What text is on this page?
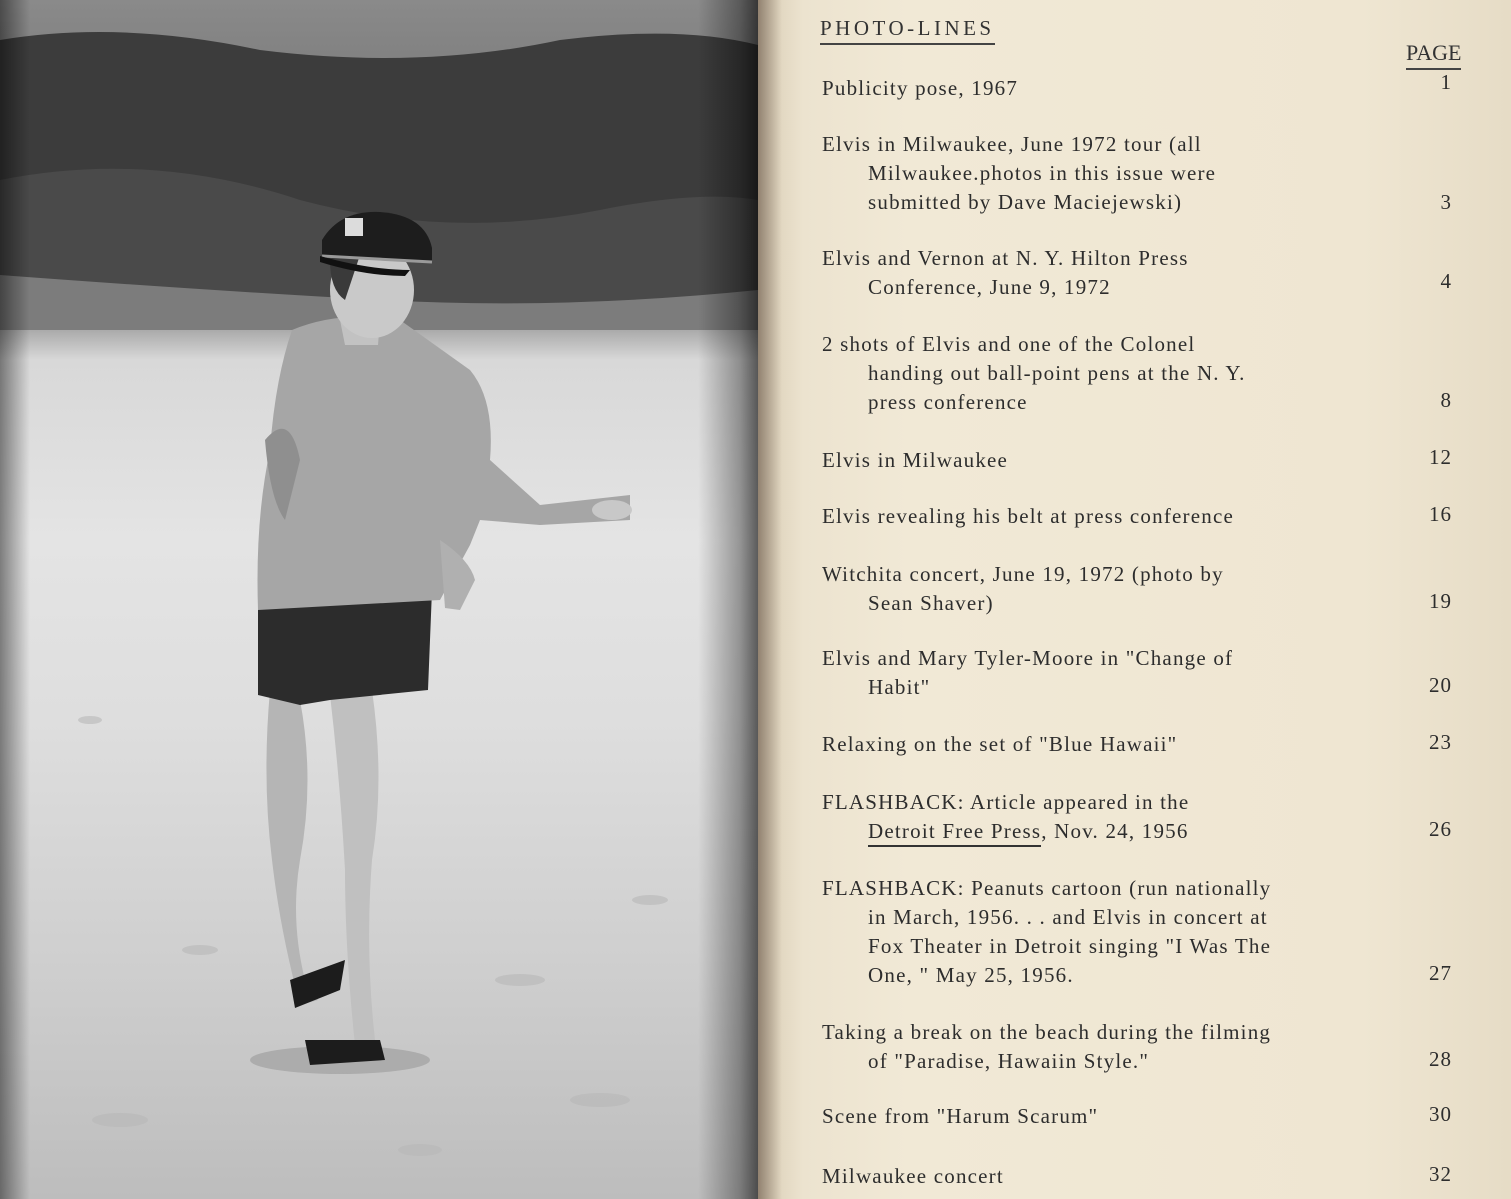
PHOTO-LINES
PAGE
Publicity pose, 1967	1
Elvis in Milwaukee, June 1972 tour (all
Milwaukee.photos in this issue were
submitted by Dave Maciejewski)	3
Elvis and Vernon at N. Y. Hilton Press
Conference, June 9, 1972	4
2 shots of Elvis and one of the Colonel
handing out ball-point pens at the N. Y.
press conference	8
Elvis in Milwaukee	12
Elvis revealing his belt at press conference	16
Witchita concert, June 19, 1972 (photo by
Sean Shaver)	19
Elvis and Mary Tyler-Moore in "Change of
Habit"	20
Relaxing on the set of "Blue Hawaii"	23
FLASHBACK: Article appeared in the
Detroit Free Press, Nov. 24, 1956	26
FLASHBACK: Peanuts cartoon (run nationally
in March, 1956. . . and Elvis in concert at
Fox Theater in Detroit singing "I Was The
One, " May 25, 1956.	27
Taking a break on the beach during the filming
of "Paradise, Hawaiin Style."	28
Scene from "Harum Scarum"	30
Milwaukee concert	32
